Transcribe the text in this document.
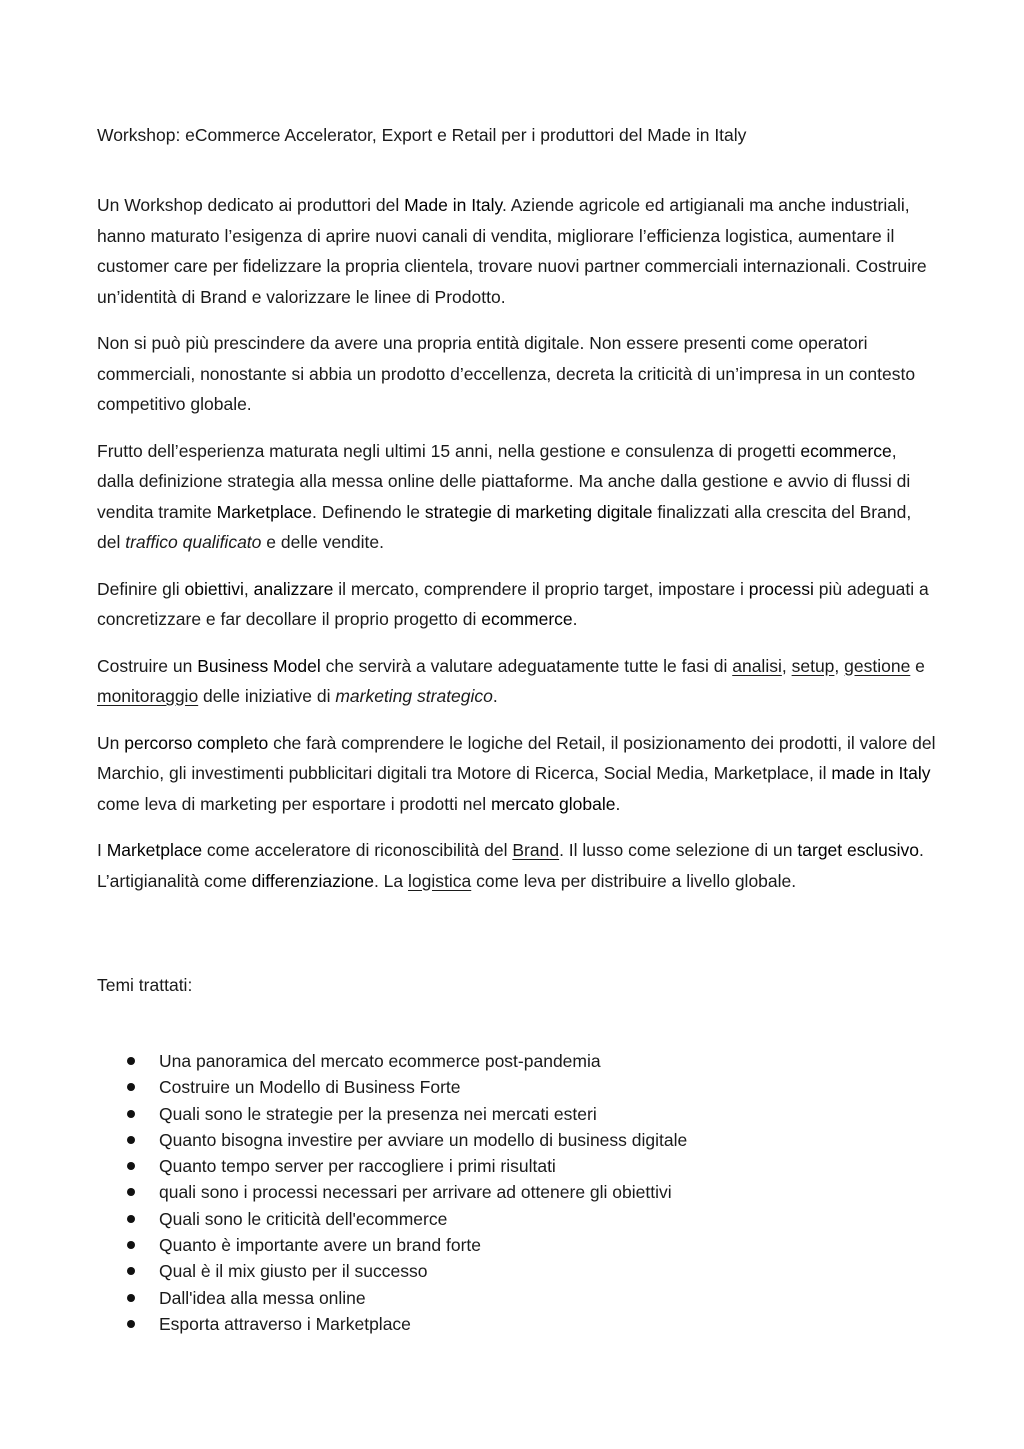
Workshop: eCommerce Accelerator, Export e Retail per i produttori del Made in Italy

Un Workshop dedicato ai produttori del Made in Italy. Aziende agricole ed artigianali ma anche industriali, hanno maturato l’esigenza di aprire nuovi canali di vendita, migliorare l’efficienza logistica, aumentare il customer care per fidelizzare la propria clientela, trovare nuovi partner commerciali internazionali. Costruire un’identità di Brand e valorizzare le linee di Prodotto.

Non si può più prescindere da avere una propria entità digitale. Non essere presenti come operatori commerciali, nonostante si abbia un prodotto d’eccellenza, decreta la criticità di un’impresa in un contesto competitivo globale.

Frutto dell’esperienza maturata negli ultimi 15 anni, nella gestione e consulenza di progetti ecommerce, dalla definizione strategia alla messa online delle piattaforme. Ma anche dalla gestione e avvio di flussi di vendita tramite Marketplace. Definendo le strategie di marketing digitale finalizzati alla crescita del Brand, del traffico qualificato e delle vendite.

Definire gli obiettivi, analizzare il mercato, comprendere il proprio target, impostare i processi più adeguati a concretizzare e far decollare il proprio progetto di ecommerce.

Costruire un Business Model che servirà a valutare adeguatamente tutte le fasi di analisi, setup, gestione e monitoraggio delle iniziative di marketing strategico.

Un percorso completo che farà comprendere le logiche del Retail, il posizionamento dei prodotti, il valore del Marchio, gli investimenti pubblicitari digitali tra Motore di Ricerca, Social Media, Marketplace, il made in Italy come leva di marketing per esportare i prodotti nel mercato globale.

I Marketplace come acceleratore di riconoscibilità del Brand. Il lusso come selezione di un target esclusivo. L’artigianalità come differenziazione. La logistica come leva per distribuire a livello globale.

Temi trattati:
Una panoramica del mercato ecommerce post-pandemia
Costruire un Modello di Business Forte
Quali sono le strategie per la presenza nei mercati esteri
Quanto bisogna investire per avviare un modello di business digitale
Quanto tempo server per raccogliere i primi risultati
quali sono i processi necessari per arrivare ad ottenere gli obiettivi
Quali sono le criticità dell'ecommerce
Quanto è importante avere un brand forte
Qual è il mix giusto per il successo
Dall'idea alla messa online
Esporta attraverso i Marketplace
